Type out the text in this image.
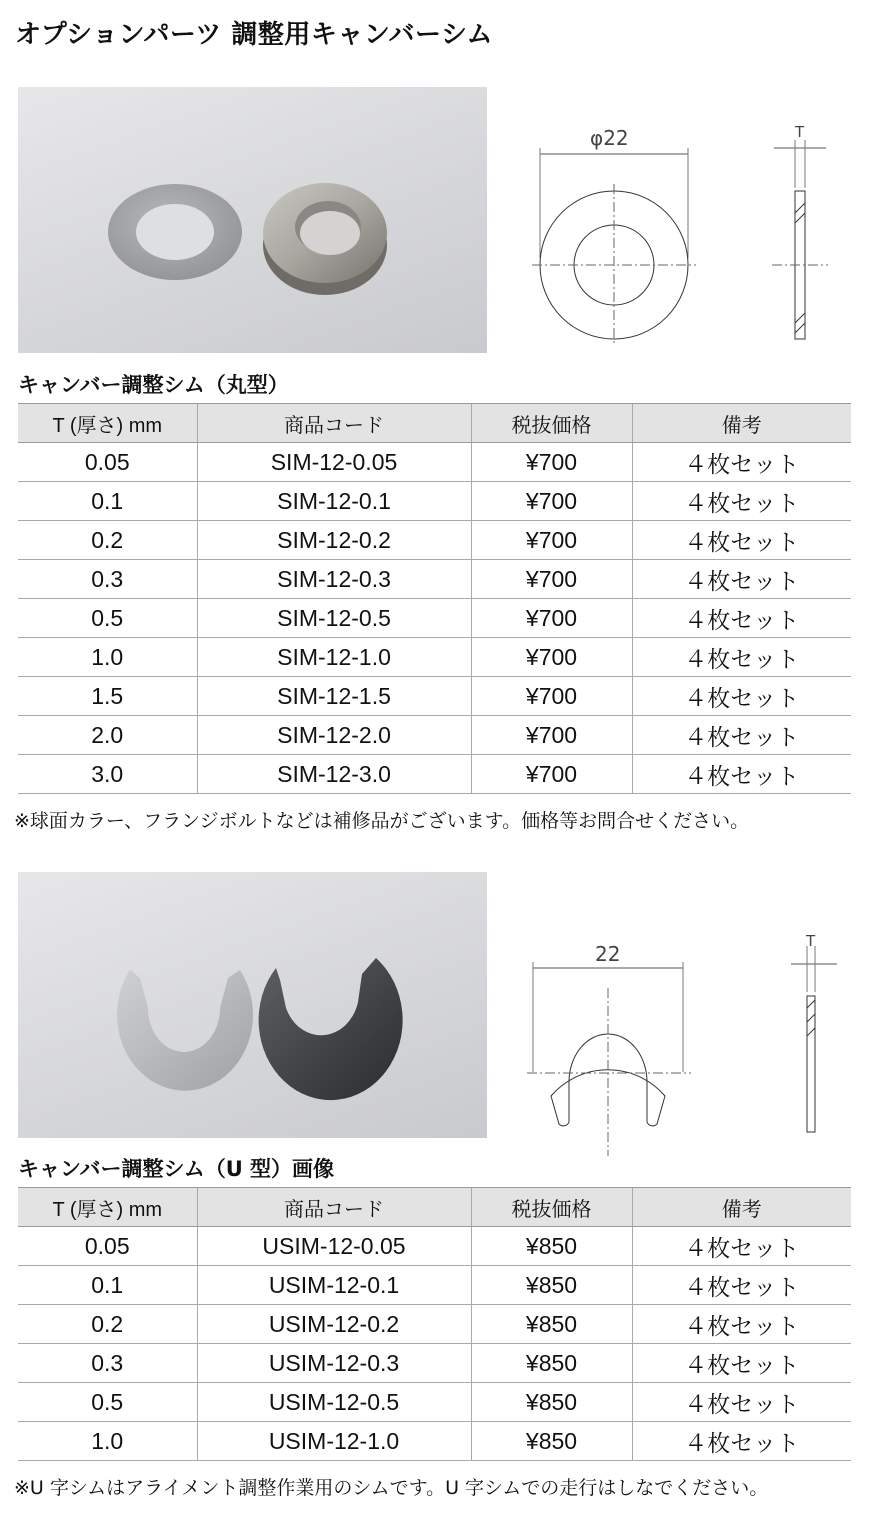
オプションパーツ 調整用キャンバーシム
φ22	T
キャンバー調整シム（丸型）
T (厚さ) mm	商品コード	税抜価格	備考
0.05	SIM-12-0.05	¥700	４枚セット
0.1	SIM-12-0.1	¥700	４枚セット
0.2	SIM-12-0.2	¥700	４枚セット
0.3	SIM-12-0.3	¥700	４枚セット
0.5	SIM-12-0.5	¥700	４枚セット
1.0	SIM-12-1.0	¥700	４枚セット
1.5	SIM-12-1.5	¥700	４枚セット
2.0	SIM-12-2.0	¥700	４枚セット
3.0	SIM-12-3.0	¥700	４枚セット

※球面カラー、フランジボルトなどは補修品がございます。価格等お問合せください。

22
T
キャンバー調整シム（U 型）画像
T (厚さ) mm	商品コード	税抜価格	備考
0.05	USIM-12-0.05	¥850	４枚セット
0.1	USIM-12-0.1	¥850	４枚セット
0.2	USIM-12-0.2	¥850	４枚セット
0.3	USIM-12-0.3	¥850	４枚セット
0.5	USIM-12-0.5	¥850	４枚セット
1.0	USIM-12-1.0	¥850	４枚セット

※U 字シムはアライメント調整作業用のシムです。U 字シムでの走行はしなでください。
